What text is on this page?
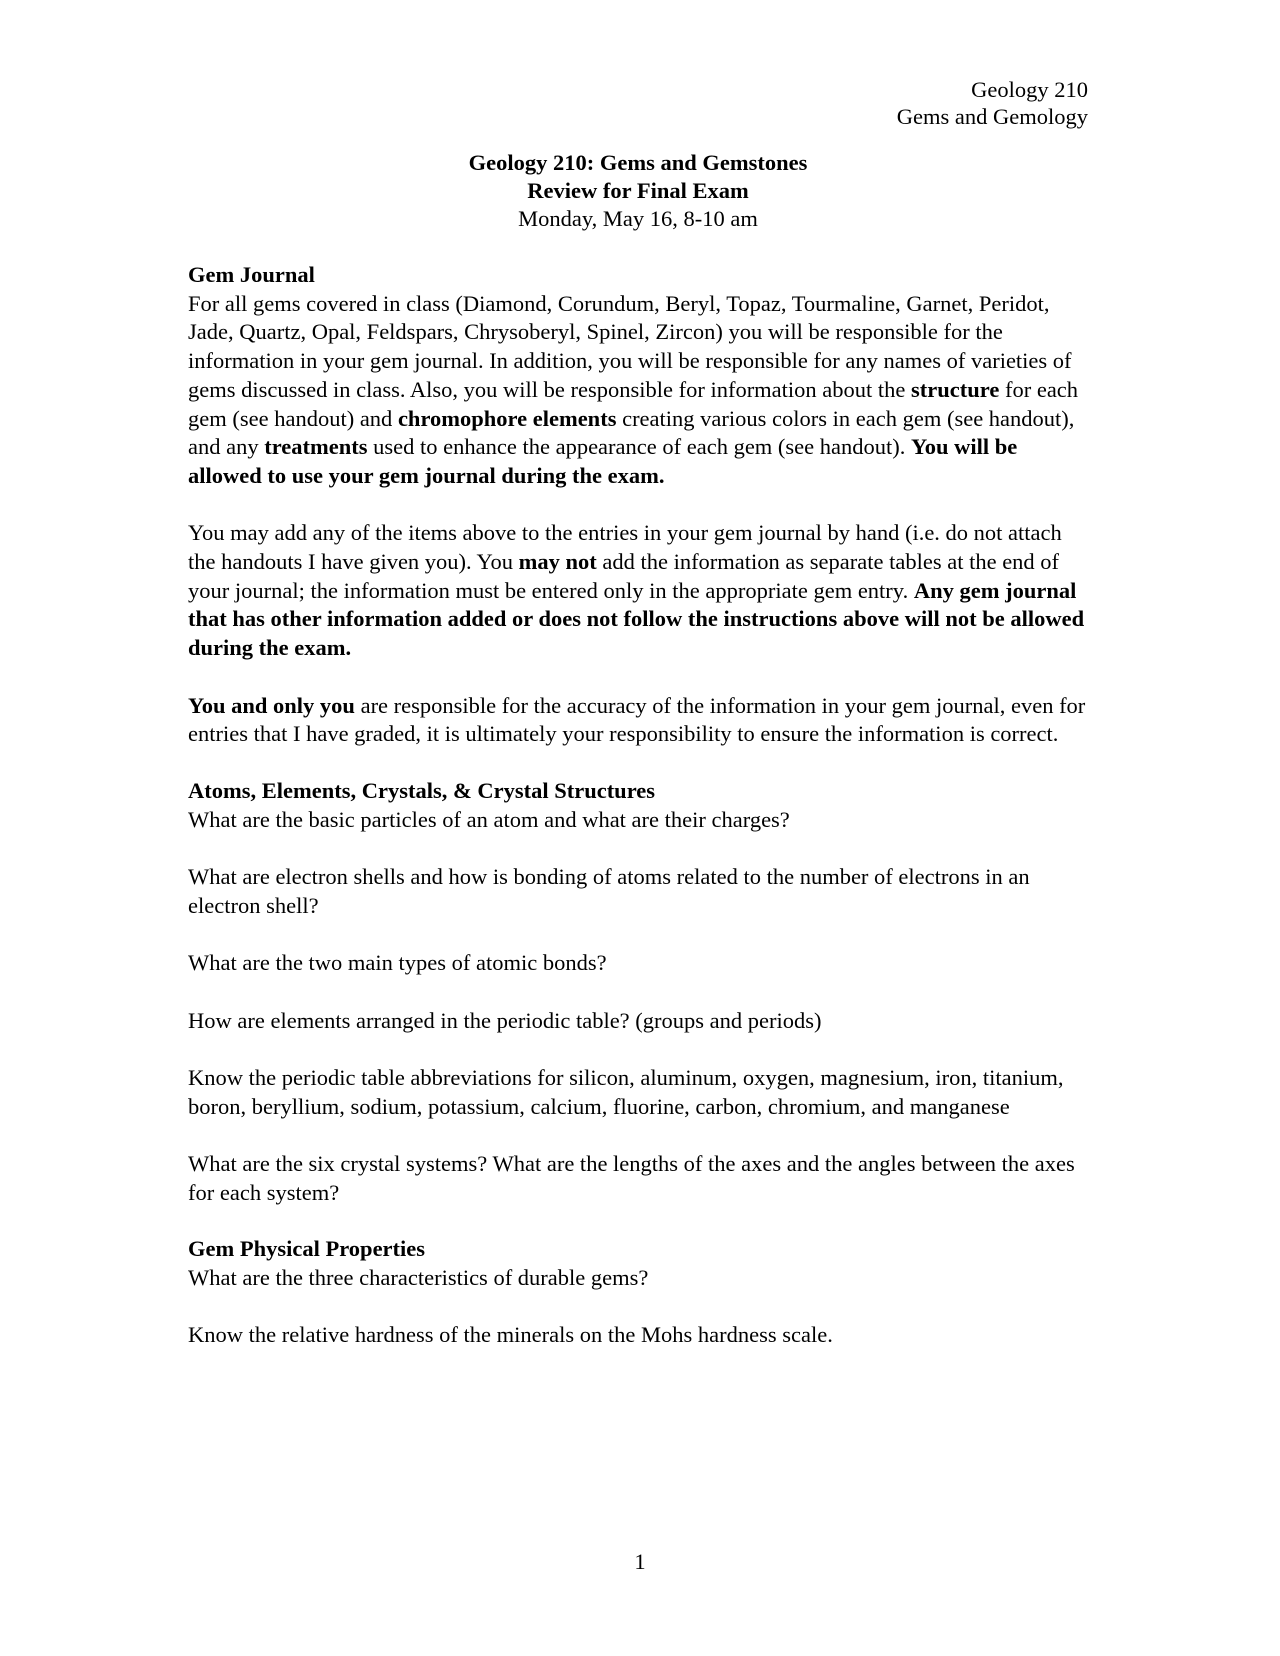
Geology 210
Gems and Gemology
Geology 210: Gems and Gemstones
Review for Final Exam
Monday, May 16, 8-10 am
Gem Journal

For all gems covered in class (Diamond, Corundum, Beryl, Topaz, Tourmaline, Garnet, Peridot, Jade, Quartz, Opal, Feldspars, Chrysoberyl, Spinel, Zircon) you will be responsible for the information in your gem journal. In addition, you will be responsible for any names of varieties of gems discussed in class. Also, you will be responsible for information about the structure for each gem (see handout) and chromophore elements creating various colors in each gem (see handout), and any treatments used to enhance the appearance of each gem (see handout). You will be allowed to use your gem journal during the exam.

You may add any of the items above to the entries in your gem journal by hand (i.e. do not attach the handouts I have given you). You may not add the information as separate tables at the end of your journal; the information must be entered only in the appropriate gem entry. Any gem journal that has other information added or does not follow the instructions above will not be allowed during the exam.

You and only you are responsible for the accuracy of the information in your gem journal, even for entries that I have graded, it is ultimately your responsibility to ensure the information is correct.

Atoms, Elements, Crystals, & Crystal Structures

What are the basic particles of an atom and what are their charges?

What are electron shells and how is bonding of atoms related to the number of electrons in an electron shell?

What are the two main types of atomic bonds?

How are elements arranged in the periodic table? (groups and periods)

Know the periodic table abbreviations for silicon, aluminum, oxygen, magnesium, iron, titanium, boron, beryllium, sodium, potassium, calcium, fluorine, carbon, chromium, and manganese

What are the six crystal systems? What are the lengths of the axes and the angles between the axes for each system?

Gem Physical Properties

What are the three characteristics of durable gems?

Know the relative hardness of the minerals on the Mohs hardness scale.

1
